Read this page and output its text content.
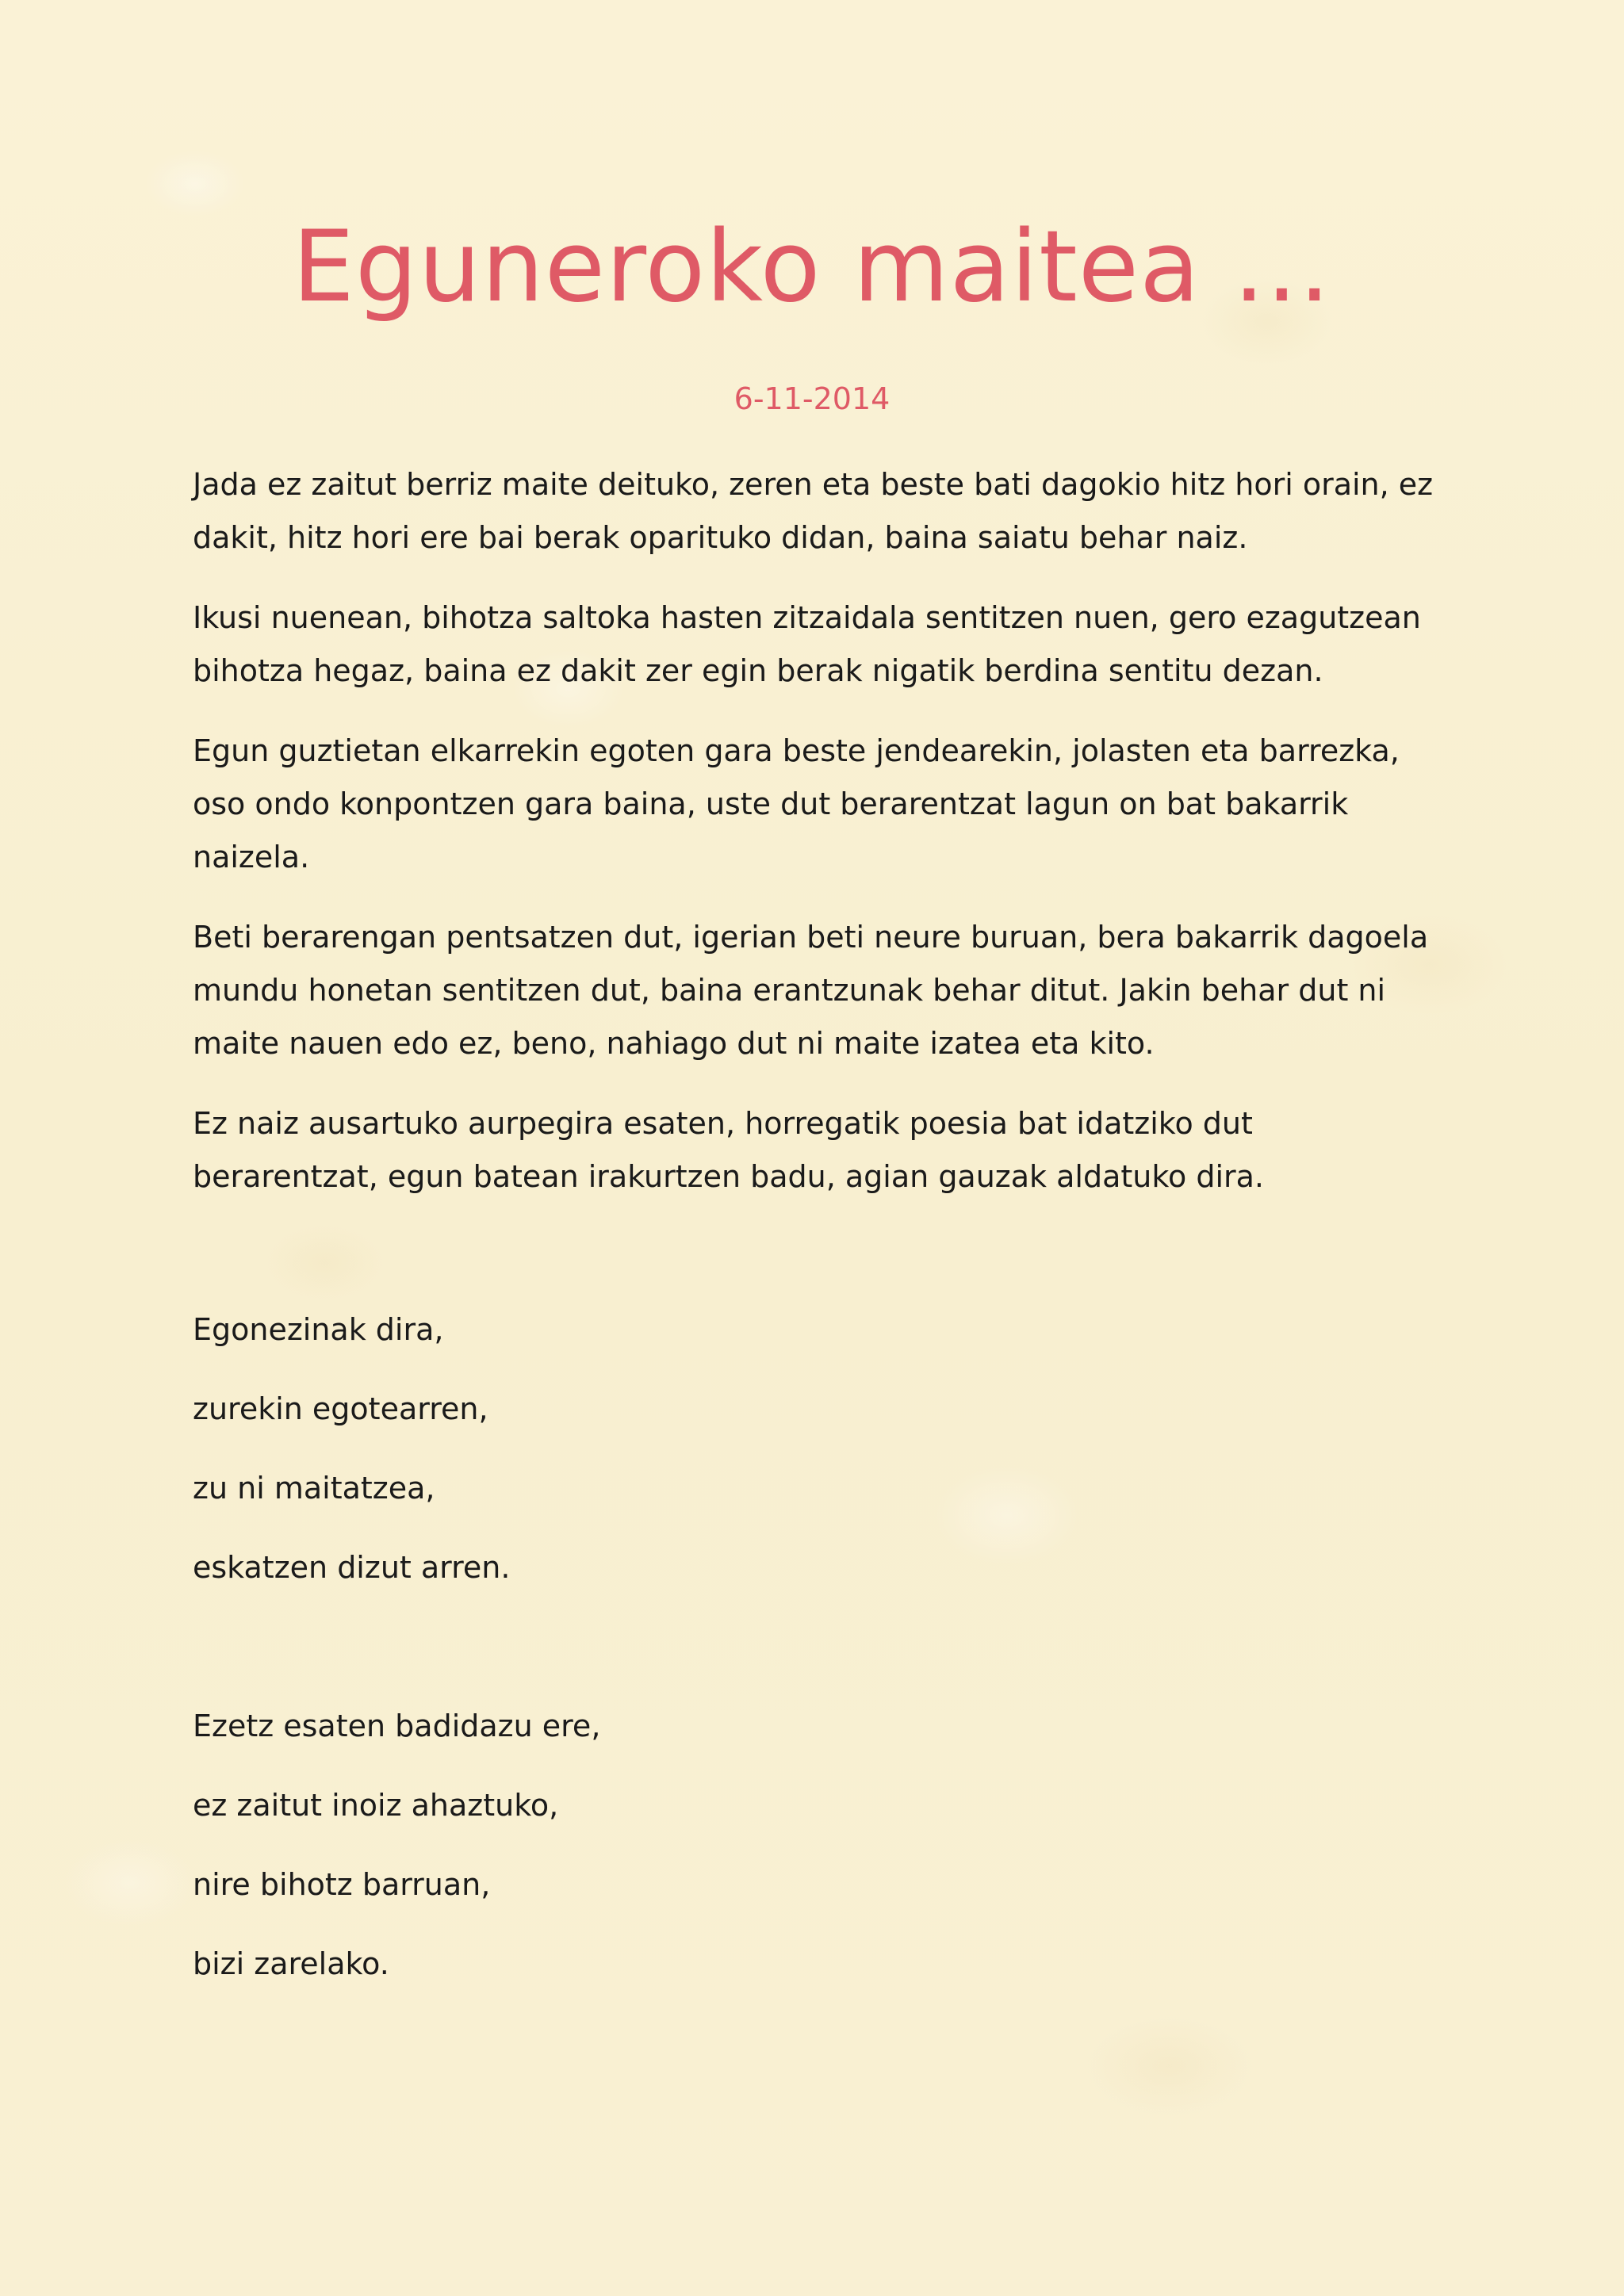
Eguneroko maitea …
6-11-2014

Jada ez zaitut berriz maite deituko, zeren eta beste bati dagokio hitz hori orain, ez dakit, hitz hori ere bai berak oparituko didan, baina saiatu behar naiz.

Ikusi nuenean, bihotza saltoka hasten zitzaidala sentitzen nuen, gero ezagutzean bihotza hegaz, baina ez dakit zer egin berak nigatik berdina sentitu dezan.

Egun guztietan elkarrekin egoten gara beste jendearekin, jolasten eta barrezka, oso ondo konpontzen gara baina, uste dut berarentzat lagun on bat bakarrik naizela.

Beti berarengan pentsatzen dut, igerian beti neure buruan, bera bakarrik dagoela mundu honetan sentitzen dut, baina erantzunak behar ditut. Jakin behar dut ni maite nauen edo ez, beno, nahiago dut ni maite izatea eta kito.

Ez naiz ausartuko aurpegira esaten, horregatik poesia bat idatziko dut berarentzat, egun batean irakurtzen badu, agian gauzak aldatuko dira.

Egonezinak dira,
zurekin egotearren,
zu ni maitatzea,
eskatzen dizut arren.
Ezetz esaten badidazu ere,
ez zaitut inoiz ahaztuko,
nire bihotz barruan,
bizi zarelako.
